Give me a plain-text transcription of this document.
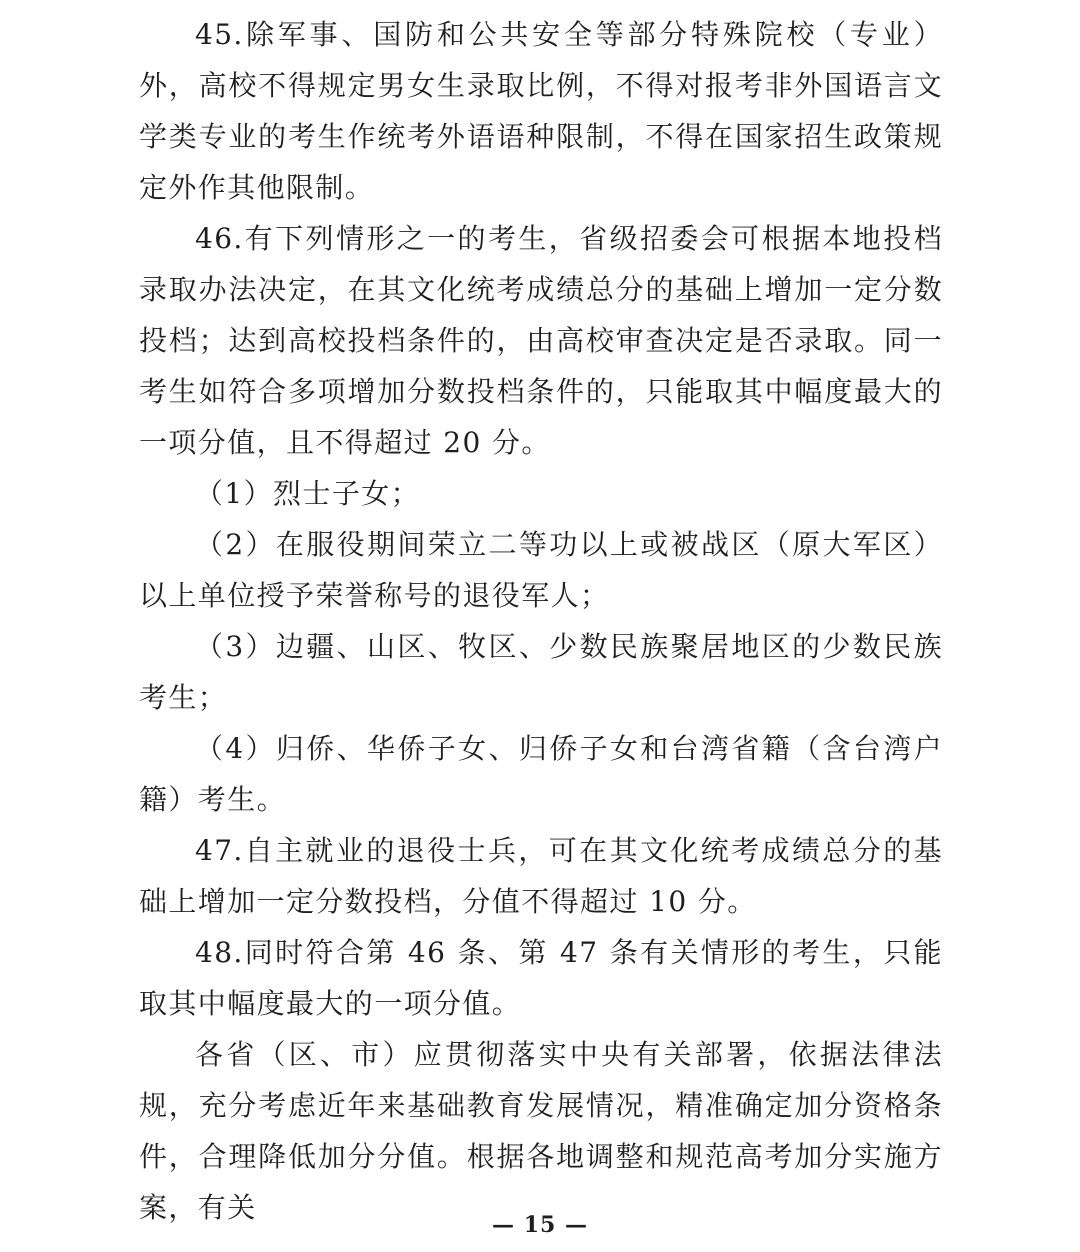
45.除军事、国防和公共安全等部分特殊院校（专业）外，高校不得规定男女生录取比例，不得对报考非外国语言文学类专业的考生作统考外语语种限制，不得在国家招生政策规定外作其他限制。

46.有下列情形之一的考生，省级招委会可根据本地投档录取办法决定，在其文化统考成绩总分的基础上增加一定分数投档；达到高校投档条件的，由高校审查决定是否录取。同一考生如符合多项增加分数投档条件的，只能取其中幅度最大的一项分值，且不得超过 20 分。

（1）烈士子女；

（2）在服役期间荣立二等功以上或被战区（原大军区）以上单位授予荣誉称号的退役军人；

（3）边疆、山区、牧区、少数民族聚居地区的少数民族考生；

（4）归侨、华侨子女、归侨子女和台湾省籍（含台湾户籍）考生。

47.自主就业的退役士兵，可在其文化统考成绩总分的基础上增加一定分数投档，分值不得超过 10 分。

48.同时符合第 46 条、第 47 条有关情形的考生，只能取其中幅度最大的一项分值。

各省（区、市）应贯彻落实中央有关部署，依据法律法规，充分考虑近年来基础教育发展情况，精准确定加分资格条件，合理降低加分分值。根据各地调整和规范高考加分实施方案，有关

— 15 —
